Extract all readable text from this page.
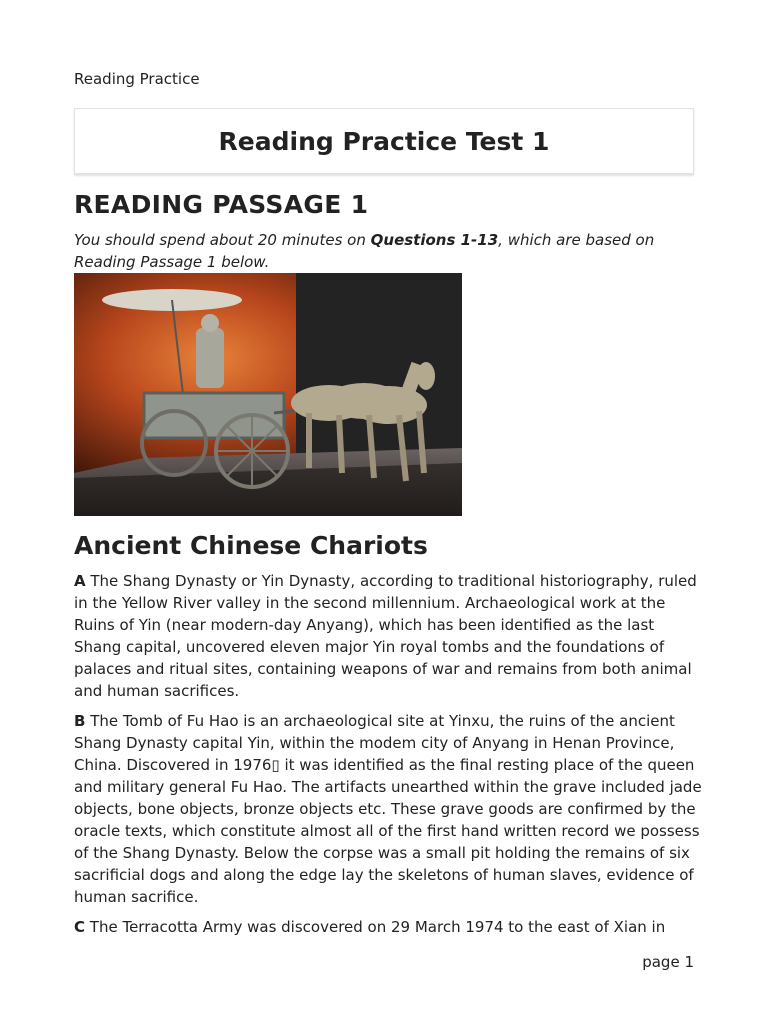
Reading Practice
Reading Practice Test 1
READING PASSAGE 1

You should spend about 20 minutes on Questions 1-13, which are based on Reading Passage 1 below.

Ancient Chinese Chariots

A The Shang Dynasty or Yin Dynasty, according to traditional historiography, ruled in the Yellow River valley in the second millennium. Archaeological work at the Ruins of Yin (near modern-day Anyang), which has been identified as the last Shang capital, uncovered eleven major Yin royal tombs and the foundations of palaces and ritual sites, containing weapons of war and remains from both animal and human sacrifices.

B The Tomb of Fu Hao is an archaeological site at Yinxu, the ruins of the ancient Shang Dynasty capital Yin, within the modem city of Anyang in Henan Province, China. Discovered in 1976▯ it was identified as the final resting place of the queen and military general Fu Hao. The artifacts unearthed within the grave included jade objects, bone objects, bronze objects etc. These grave goods are confirmed by the oracle texts, which constitute almost all of the first hand written record we possess of the Shang Dynasty. Below the corpse was a small pit holding the remains of six sacrificial dogs and along the edge lay the skeletons of human slaves, evidence of human sacrifice.

C The Terracotta Army was discovered on 29 March 1974 to the east of Xian in

page 1
